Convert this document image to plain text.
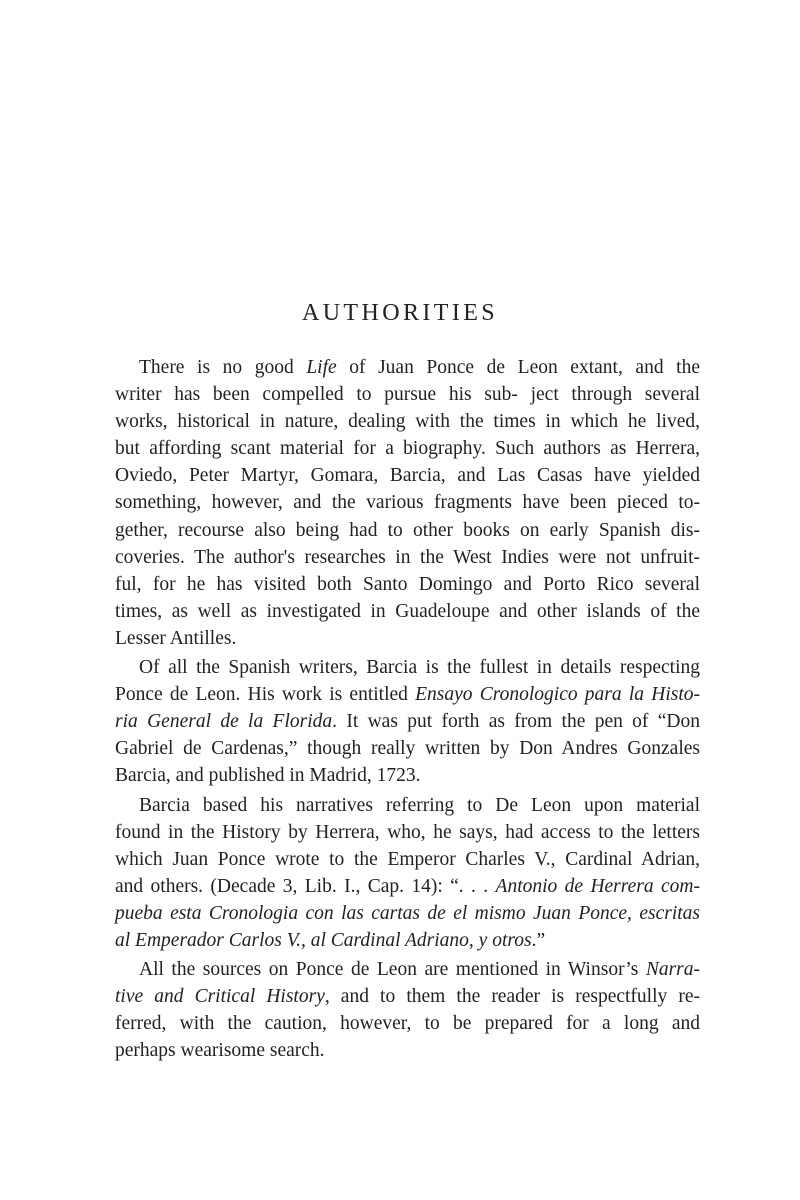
AUTHORITIES
There is no good Life of Juan Ponce de Leon extant, and the
writer has been compelled to pursue his sub- ject through several
works, historical in nature, dealing with the times in which he lived,
but affording scant material for a biography. Such authors as Herrera,
Oviedo, Peter Martyr, Gomara, Barcia, and Las Casas have yielded
something, however, and the various fragments have been pieced to-
gether, recourse also being had to other books on early Spanish dis-
coveries. The author's researches in the West Indies were not unfruit-
ful, for he has visited both Santo Domingo and Porto Rico several
times, as well as investigated in Guadeloupe and other islands of the
Lesser Antilles.
Of all the Spanish writers, Barcia is the fullest in details respecting
Ponce de Leon. His work is entitled Ensayo Cronologico para la Histo-
ria General de la Florida. It was put forth as from the pen of “Don
Gabriel de Cardenas,” though really written by Don Andres Gonzales
Barcia, and published in Madrid, 1723.
Barcia based his narratives referring to De Leon upon material
found in the History by Herrera, who, he says, had access to the letters
which Juan Ponce wrote to the Emperor Charles V., Cardinal Adrian,
and others. (Decade 3, Lib. I., Cap. 14): “. . . Antonio de Herrera com-
pueba esta Cronologia con las cartas de el mismo Juan Ponce, escritas
al Emperador Carlos V., al Cardinal Adriano, y otros.”
All the sources on Ponce de Leon are mentioned in Winsor’s Narra-
tive and Critical History, and to them the reader is respectfully re-
ferred, with the caution, however, to be prepared for a long and
perhaps wearisome search.
